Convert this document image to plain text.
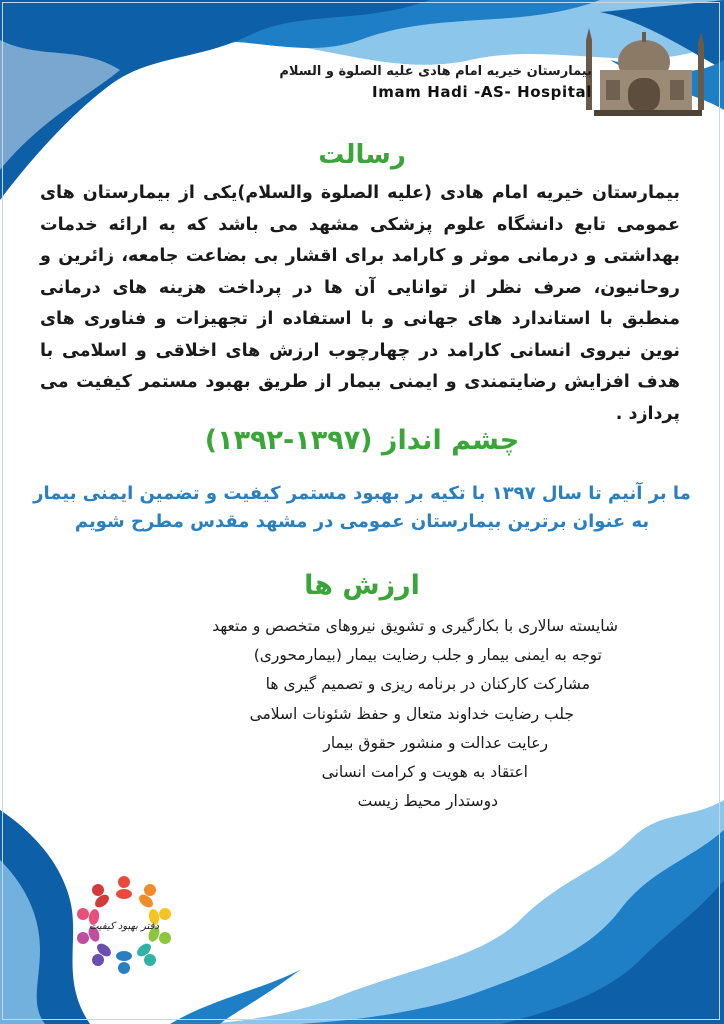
بیمارستان خیریه امام هادی علیه الصلوة و السلام
Imam Hadi -AS- Hospital
رسالت
بیمارستان خیریه امام هادی (علیه الصلوة والسلام)یکی از بیمارستان های عمومی تابع دانشگاه علوم پزشکی مشهد می باشد که به ارائه خدمات بهداشتی و درمانی موثر و کارامد برای اقشار بی بضاعت جامعه، زائرین و روحانیون، صرف نظر از توانایی آن ها در پرداخت هزینه های درمانی منطبق با استاندارد های جهانی و با استفاده از تجهیزات و فناوری های نوین نیروی انسانی کارامد در چهارچوب ارزش های اخلاقی و اسلامی با هدف افزایش رضایتمندی و ایمنی بیمار از طریق بهبود مستمر کیفیت می پردازد .
چشم انداز (۱۳۹۷-۱۳۹۲)
ما بر آنیم تا سال ۱۳۹۷ با تکیه بر بهبود مستمر کیفیت و تضمین ایمنی بیمار
به عنوان برترین بیمارستان عمومی در مشهد مقدس مطرح شویم
ارزش ها
شایسته سالاری با بکارگیری و تشویق نیروهای متخصص و متعهد
توجه به ایمنی بیمار و جلب رضایت بیمار (بیمارمحوری)
مشارکت کارکنان در برنامه ریزی و تصمیم گیری ها
جلب رضایت خداوند متعال و حفظ شئونات اسلامی
رعایت عدالت و منشور حقوق بیمار
اعتقاد به هویت و کرامت انسانی
دوستدار محیط زیست
دفتر بهبود کیفیت
